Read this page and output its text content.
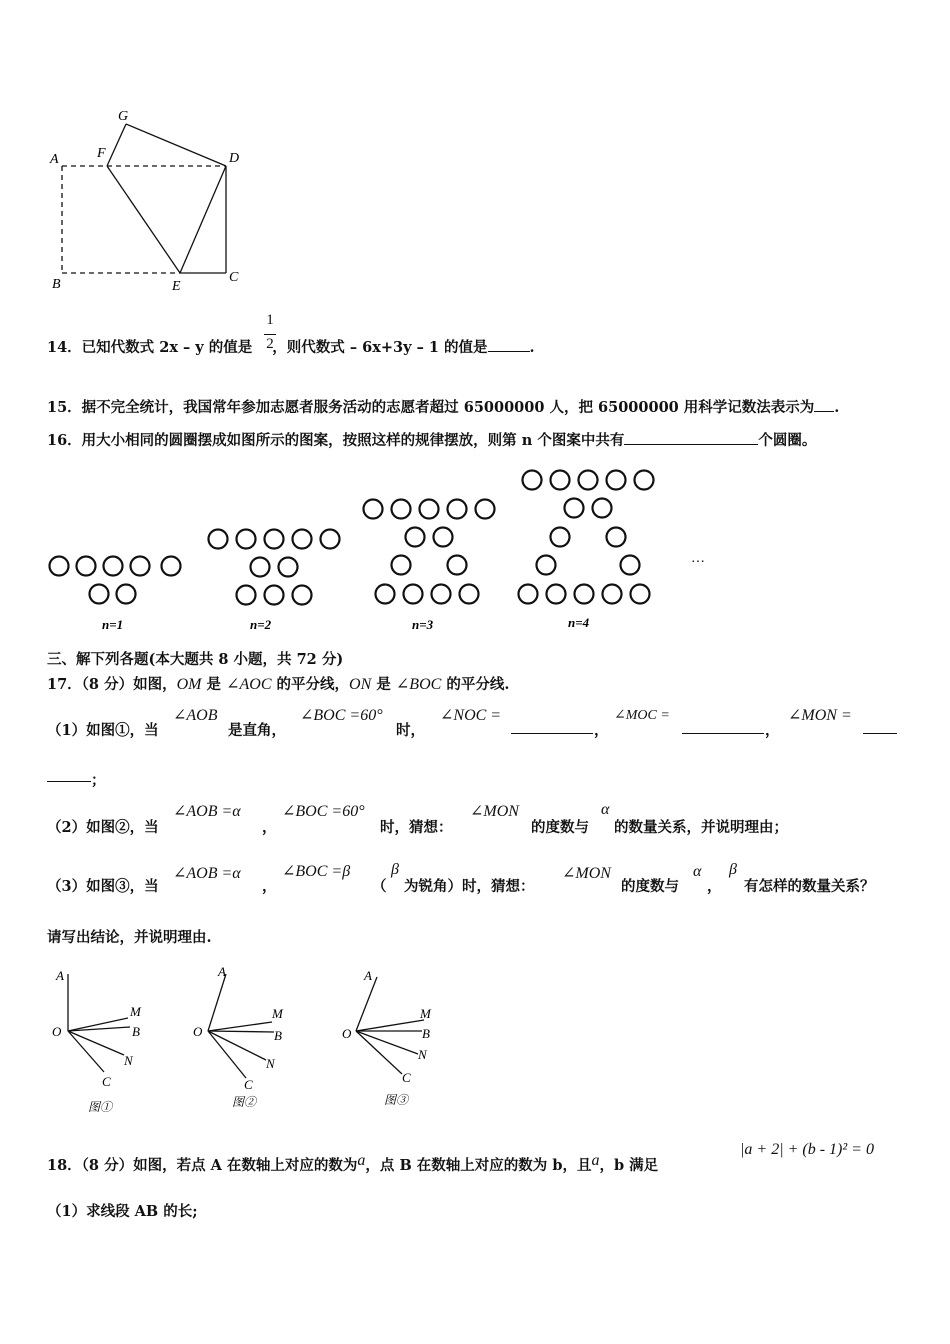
G
A	F	D
B	E
C
14．已知代数式 2x – y 的值是 ，则代数式 – 6x+3y – 1 的值是	.
1
2
15．据不完全统计，我国常年参加志愿者服务活动的志愿者超过 65000000 人，把 65000000 用科学记数法表示为 .
16．用大小相同的圆圈摆成如图所示的图案，按照这样的规律摆放，则第 n 个图案中共有	个圆圈。
n=1	n=2	n=3	n=4
…
三、解下列各题(本大题共 8 小题，共 72 分)
17．（8 分）如图，OM 是 ∠AOC 的平分线，ON 是 ∠BOC 的平分线.
（1）如图①，当
∠AOB
是直角，
∠BOC =60°
时，
∠NOC =
，
∠MOC =
，
∠MON =
；
（2）如图②，当
∠AOB =α
，
∠BOC =60°
时，猜想：
∠MON
的度数与
α
的数量关系，并说明理由；
（3）如图③，当
∠AOB =α
，
∠BOC =β
（
β
为锐角）时，猜想：
∠MON
的度数与
α
，
β
有怎样的数量关系？
请写出结论，并说明理由.
A
M
O	B
N
C
图①
A
M
O	B
N
C
图②
A
M
O	B
N
C
图③
18．（8 分）如图，若点 A 在数轴上对应的数为a，点 B 在数轴上对应的数为 b，且a，b 满足
|a + 2| + (b - 1)² = 0
（1）求线段 AB 的长;
